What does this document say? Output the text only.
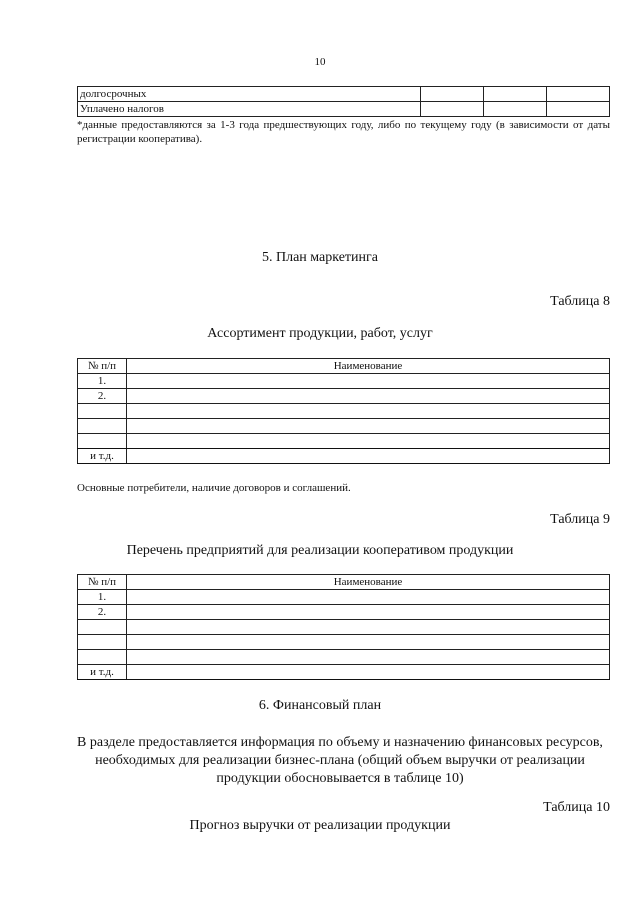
10
долгосрочных			
Уплачено налогов			
*данные предоставляются за 1-3 года предшествующих году, либо по текущему году (в зависимости от даты регистрации кооператива).
5. План маркетинга
Таблица 8
Ассортимент продукции, работ, услуг
№ п/п	Наименование
1.	
2.	

и т.д.	
Основные потребители, наличие договоров и соглашений.
Таблица 9
Перечень предприятий для реализации кооперативом продукции
№ п/п	Наименование
1.	
2.	

и т.д.	
6. Финансовый план
В разделе предоставляется информация по объему и назначению финансовых ресурсов, необходимых для реализации бизнес-плана (общий объем выручки от реализации продукции обосновывается в таблице 10)
Таблица 10
Прогноз выручки от реализации продукции
